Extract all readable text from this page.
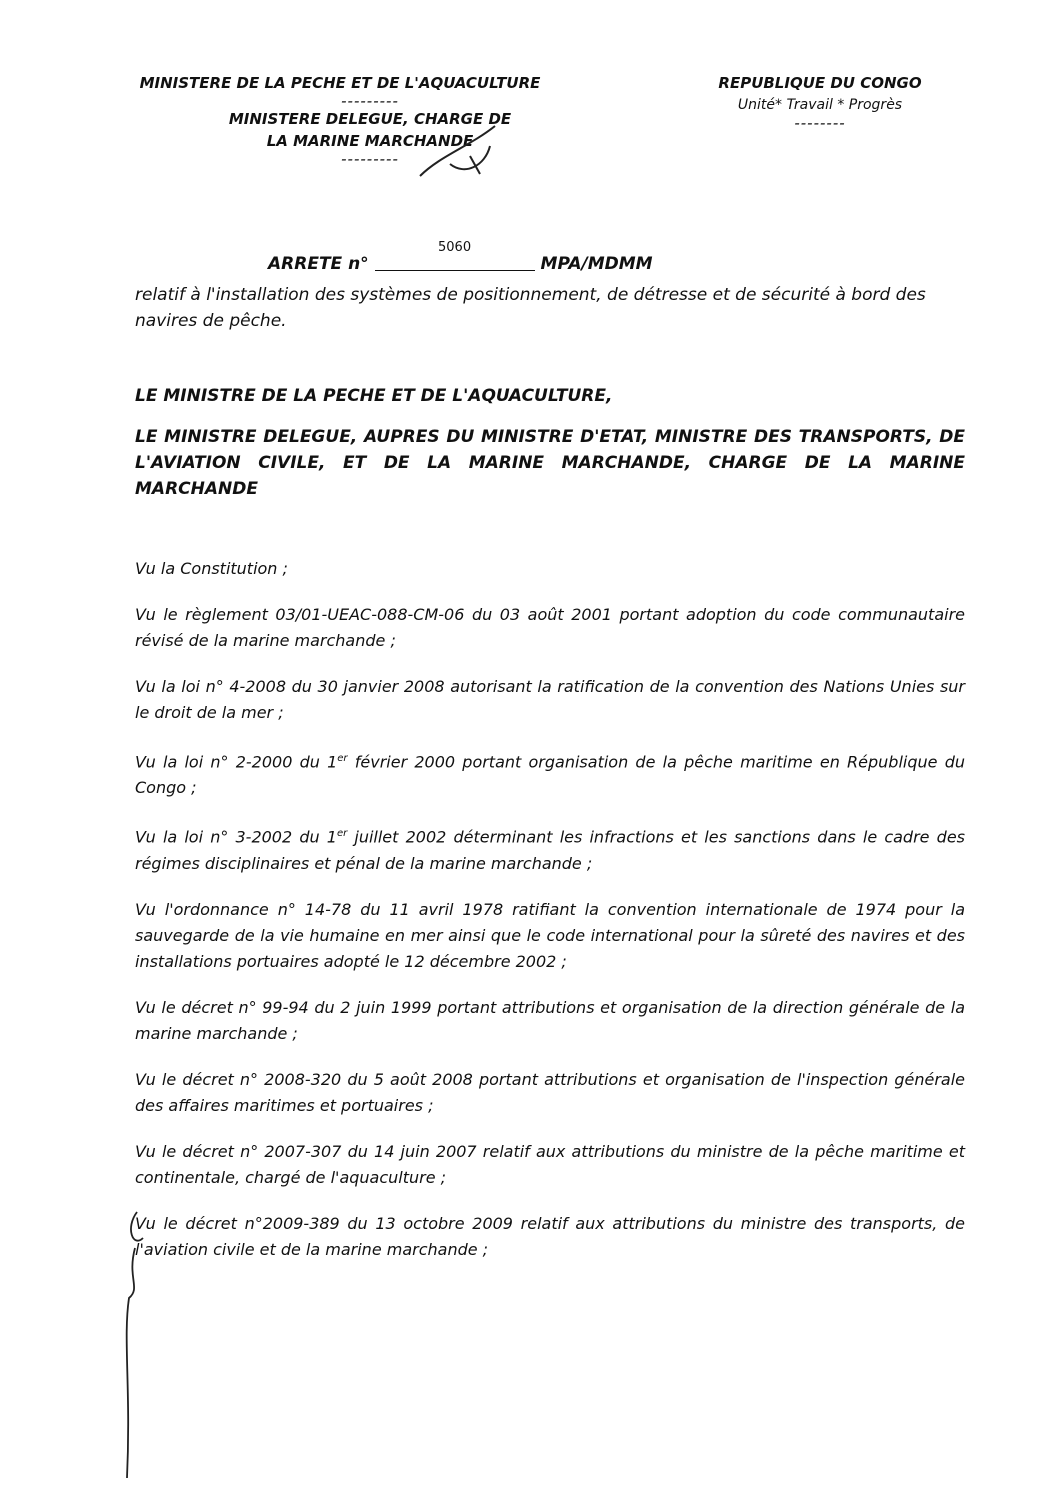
MINISTERE DE LA PECHE ET DE L'AQUACULTURE
---------
MINISTERE DELEGUE, CHARGE DE
LA MARINE MARCHANDE
---------
REPUBLIQUE DU CONGO
Unité* Travail * Progrès
--------
ARRETE n°
5060
MPA/MDMM
relatif à l'installation des systèmes de positionnement, de détresse et de sécurité à bord des navires de pêche.
LE MINISTRE DE LA PECHE ET DE L'AQUACULTURE,
LE MINISTRE DELEGUE, AUPRES DU MINISTRE D'ETAT, MINISTRE DES TRANSPORTS, DE L'AVIATION CIVILE, ET DE LA MARINE MARCHANDE, CHARGE DE LA MARINE MARCHANDE

Vu la Constitution ;

Vu le règlement 03/01-UEAC-088-CM-06 du 03 août 2001 portant adoption du code communautaire révisé de la marine marchande ;

Vu la loi n° 4-2008 du 30 janvier 2008 autorisant la ratification de la convention des Nations Unies sur le droit de la mer ;

Vu la loi n° 2-2000 du 1er février 2000 portant organisation de la pêche maritime en République du Congo ;

Vu la loi n° 3-2002 du 1er juillet 2002 déterminant les infractions et les sanctions dans le cadre des régimes disciplinaires et pénal de la marine marchande ;

Vu l'ordonnance n° 14-78 du 11 avril 1978 ratifiant la convention internationale de 1974 pour la sauvegarde de la vie humaine en mer ainsi que le code international pour la sûreté des navires et des installations portuaires adopté le 12 décembre 2002 ;

Vu le décret n° 99-94 du 2 juin 1999 portant attributions et organisation de la direction générale de la marine marchande ;

Vu le décret n° 2008-320 du 5 août 2008 portant attributions et organisation de l'inspection générale des affaires maritimes et portuaires ;

Vu le décret n° 2007-307 du 14 juin 2007 relatif aux attributions du ministre de la pêche maritime et continentale, chargé de l'aquaculture ;

Vu le décret n°2009-389 du 13 octobre 2009 relatif aux attributions du ministre des transports, de l'aviation civile et de la marine marchande ;
